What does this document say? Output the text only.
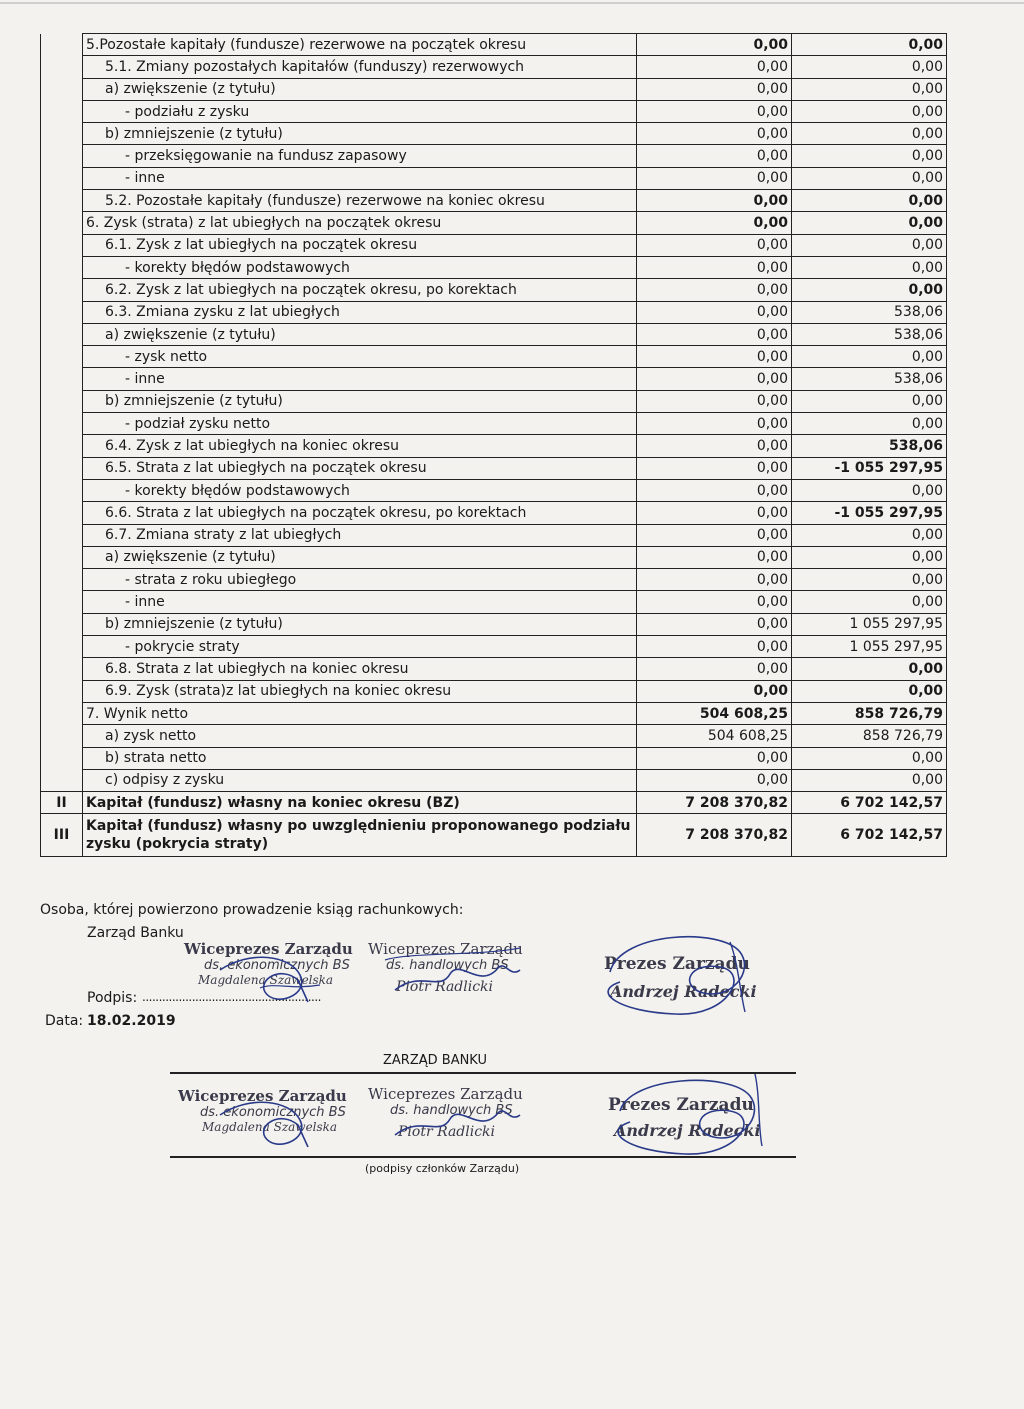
	5.Pozostałe kapitały (fundusze) rezerwowe na początek okresu	0,00	0,00
	5.1. Zmiany pozostałych kapitałów (funduszy) rezerwowych	0,00	0,00
	a) zwiększenie (z tytułu)	0,00	0,00
	- podziału z zysku	0,00	0,00
	b) zmniejszenie (z tytułu)	0,00	0,00
	- przeksięgowanie na fundusz zapasowy	0,00	0,00
	- inne	0,00	0,00
	5.2. Pozostałe kapitały (fundusze) rezerwowe na koniec okresu	0,00	0,00
	6. Zysk (strata) z lat ubiegłych na początek okresu	0,00	0,00
	6.1. Zysk z lat ubiegłych na początek okresu	0,00	0,00
	- korekty błędów podstawowych	0,00	0,00
	6.2. Zysk z lat ubiegłych na początek okresu, po korektach	0,00	0,00
	6.3. Zmiana zysku z lat ubiegłych	0,00	538,06
	a) zwiększenie (z tytułu)	0,00	538,06
	- zysk netto	0,00	0,00
	- inne	0,00	538,06
	b) zmniejszenie (z tytułu)	0,00	0,00
	- podział zysku netto	0,00	0,00
	6.4. Zysk z lat ubiegłych na koniec okresu	0,00	538,06
	6.5. Strata z lat ubiegłych na początek okresu	0,00	-1 055 297,95
	- korekty błędów podstawowych	0,00	0,00
	6.6. Strata z lat ubiegłych na początek okresu, po korektach	0,00	-1 055 297,95
	6.7. Zmiana straty z lat ubiegłych	0,00	0,00
	a) zwiększenie (z tytułu)	0,00	0,00
	- strata z roku ubiegłego	0,00	0,00
	- inne	0,00	0,00
	b) zmniejszenie (z tytułu)	0,00	1 055 297,95
	- pokrycie straty	0,00	1 055 297,95
	6.8. Strata z lat ubiegłych na koniec okresu	0,00	0,00
	6.9. Zysk (strata)z lat ubiegłych na koniec okresu	0,00	0,00
	7. Wynik netto	504 608,25	858 726,79
	a) zysk netto	504 608,25	858 726,79
	b) strata netto	0,00	0,00
	c) odpisy z zysku	0,00	0,00
II	Kapitał (fundusz) własny na koniec okresu (BZ)	7 208 370,82	6 702 142,57
III	Kapitał (fundusz) własny po uwzględnieniu proponowanego podziału zysku (pokrycia straty)	7 208 370,82	6 702 142,57
Osoba, której powierzono prowadzenie ksiąg rachunkowych:
Zarząd Banku
Podpis: ......................................................
Data: 18.02.2019
Wiceprezes Zarządu
ds. ekonomicznych BS
Magdalena Szawelska
Wiceprezes Zarządu
ds. handlowych BS
Piotr Radlicki
Prezes Zarządu
Andrzej Radecki
ZARZĄD BANKU
Wiceprezes Zarządu
ds. ekonomicznych BS
Magdalena Szawelska
Wiceprezes Zarządu
ds. handlowych BS
Piotr Radlicki
Prezes Zarządu
Andrzej Radecki
(podpisy członków Zarządu)
